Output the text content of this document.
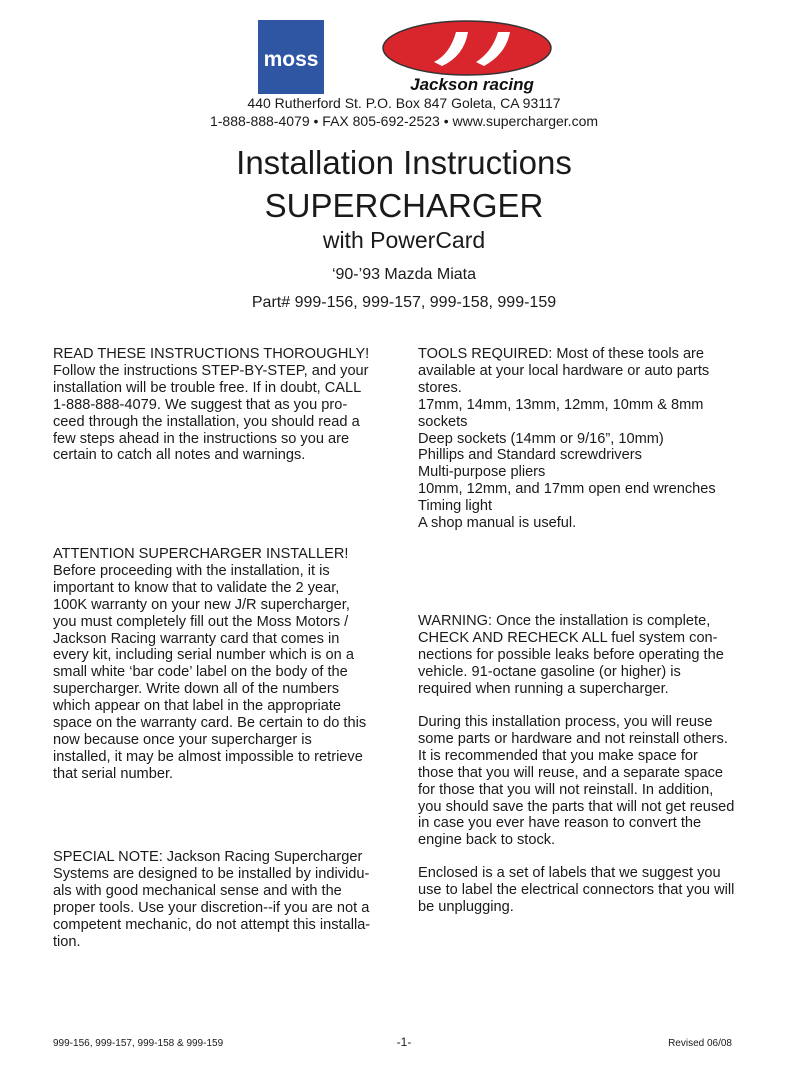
moss
Jackson racing
440 Rutherford St. P.O. Box 847 Goleta, CA 93117
1-888-888-4079 • FAX 805-692-2523 • www.supercharger.com
Installation Instructions
SUPERCHARGER
with PowerCard
‘90-’93 Mazda Miata
Part# 999-156, 999-157, 999-158, 999-159

READ THESE INSTRUCTIONS THOROUGHLY!
Follow the instructions STEP-BY-STEP, and your
installation will be trouble free. If in doubt, CALL
1-888-888-4079. We suggest that as you pro-
ceed through the installation, you should read a
few steps ahead in the instructions so you are
certain to catch all notes and warnings.

ATTENTION SUPERCHARGER INSTALLER!
Before proceeding with the installation, it is
important to know that to validate the 2 year,
100K warranty on your new J/R supercharger,
you must completely fill out the Moss Motors /
Jackson Racing warranty card that comes in
every kit, including serial number which is on a
small white ‘bar code’ label on the body of the
supercharger. Write down all of the numbers
which appear on that label in the appropriate
space on the warranty card. Be certain to do this
now because once your supercharger is
installed, it may be almost impossible to retrieve
that serial number.

SPECIAL NOTE: Jackson Racing Supercharger
Systems are designed to be installed by individu-
als with good mechanical sense and with the
proper tools. Use your discretion--if you are not a
competent mechanic, do not attempt this installa-
tion.

TOOLS REQUIRED: Most of these tools are
available at your local hardware or auto parts
stores.
17mm, 14mm, 13mm, 12mm, 10mm & 8mm
sockets
Deep sockets (14mm or 9/16”, 10mm)
Phillips and Standard screwdrivers
Multi-purpose pliers
10mm, 12mm, and 17mm open end wrenches
Timing light
A shop manual is useful.

WARNING: Once the installation is complete,
CHECK AND RECHECK ALL fuel system con-
nections for possible leaks before operating the
vehicle. 91-octane gasoline (or higher) is
required when running a supercharger.

During this installation process, you will reuse
some parts or hardware and not reinstall others.
It is recommended that you make space for
those that you will reuse, and a separate space
for those that you will not reinstall. In addition,
you should save the parts that will not get reused
in case you ever have reason to convert the
engine back to stock.

Enclosed is a set of labels that we suggest you
use to label the electrical connectors that you will
be unplugging.

999-156, 999-157, 999-158 & 999-159	-1-	Revised 06/08
